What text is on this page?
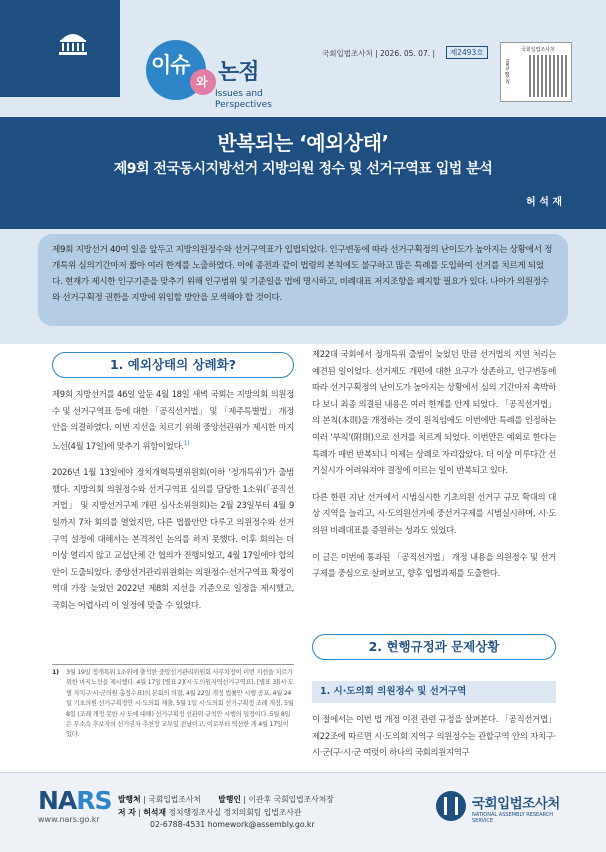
이슈
와 논점
Issues and
Perspectives
국회입법조사처 | 2026. 05. 07. |	제2493호	국회입법조사처
nars.go.kr
반복되는 ‘예외상태’
제9회 전국동시지방선거 지방의원 정수 및 선거구역표 입법 분석
허 석 재
제9회 지방선거 40여 일을 앞두고 지방의원정수와 선거구역표가 입법되었다. 인구변동에 따라 선거구획정의 난이도가 높아지는 상황에서 정개특위 심의기간마저 짧아 여러 한계를 노출하였다. 이에 종전과 같이 법령의 본칙에도 불구하고 많은 특례를 도입하여 선거를 치르게 되었다. 현재가 제시한 인구기준을 맞추기 위해 인구범위 및 기준일을 법에 명시하고, 비례대표 저지조항을 폐지할 필요가 있다. 나아가 의원정수와 선거구획정 권한을 지방에 위임할 방안을 모색해야 할 것이다.
1. 예외상태의 상례화?

제9회 지방선거를 46일 앞둔 4월 18일 새벽 국회는 지방의회 의원정수 및 선거구역표 등에 대한 「공직선거법」 및 「제주특별법」 개정안을 의결하였다. 이번 지선을 치르기 위해 중앙선관위가 제시한 마지노선(4월 17일)에 맞추기 위함이었다.$^{1)}$

2026년 1월 13일에야 정치개혁특별위원회(이하 ‘정개특위’)가 출범했다. 지방의회 의원정수와 선거구역표 심의를 담당한 1소위(「공직선거법」 및 지방선거구제 개편 심사소위원회)는 2월 23일부터 4월 9일까지 7차 회의를 열었지만, 다른 법률안만 다루고 의원정수와 선거구역 설정에 대해서는 본격적인 논의를 하지 못했다. 이후 회의는 더 이상 열리지 않고 교섭단체 간 협의가 진행되었고, 4월 17일에야 합의안이 도출되었다. 중앙선거관리위원회는 의원정수·선거구역표 확정이 역대 가장 늦었던 2022년 제8회 지선을 기준으로 일정을 제시했고, 국회는 어렵사리 이 일정에 맞출 수 있었다.

1) 3월 19일 정개특위 1소위에 출석한 중앙선거관리위원회 사무차장이 이번 지선을 치르기 위한 마지노선을 제시했다. 4월 17일 [별표 2](시·도의원지역선거구역표), [별표 3](시·도별 자치구·시·군의원 총정수표)의 본회의 의결, 4월 22일 개정 법률안 시행 공포, 4월 24일 기초의원 선거구획정안 시·도의회 제출, 5월 1일 시·도의회 선거구획정 조례 개정, 5월 8일 (조례 개정 못한 시·도에 대해) 선거구획정 선관위 규칙안 시행의 일정이다. 5월 8일은 무소속 후보자의 선거권자 추천장 교부일 전날이고, 이로부터 역산한 게 4월 17일이었다.

제22대 국회에서 정개특위 출범이 늦었던 만큼 선거법의 지연 처리는 예견된 일이었다. 선거제도 개편에 대한 요구가 상존하고, 인구변동에 따라 선거구획정의 난이도가 높아지는 상황에서 심의 기간마저 촉박하다 보니 최종 의결된 내용은 여러 한계를 안게 되었다. 「공직선거법」의 본칙(本則)을 개정하는 것이 원칙임에도 이번에만 특례를 인정하는 여러 ‘부칙’(附則)으로 선거를 치르게 되었다. 이번만은 예외로 한다는 특례가 매번 반복되니 이제는 상례로 자리잡았다. 더 이상 미루다간 선거실시가 어려워져야 결정에 이르는 일이 반복되고 있다.

다른 한편 지난 선거에서 시범실시한 기초의원 선거구 규모 확대의 대상 지역을 늘리고, 시·도의원선거에 중선거구제를 시범실시하며, 시·도의원 비례대표를 증원하는 성과도 있었다.

이 글은 이번에 통과된 「공직선거법」 개정 내용을 의원정수 및 선거구제를 중심으로 살펴보고, 향후 입법과제를 도출한다.

2. 현행규정과 문제상황
1. 시·도의회 의원정수 및 선거구역
이 절에서는 이번 법 개정 이전 관련 규정을 살펴본다. 「공직선거법」 제22조에 따르면 시·도의회 지역구 의원정수는 관할구역 안의 자치구·시·군(구·시·군 여럿이 하나의 국회의원지역구
NARS
www.nars.go.kr
발행처 | 국회입법조사처 발행인 | 이관후 국회입법조사처장
저 자 | 허석재 정치행정조사실 정치의회팀 입법조사관
02-6788-4531 homework@assembly.go.kr
국회입법조사처
NATIONAL ASSEMBLY RESEARCH SERVICE
